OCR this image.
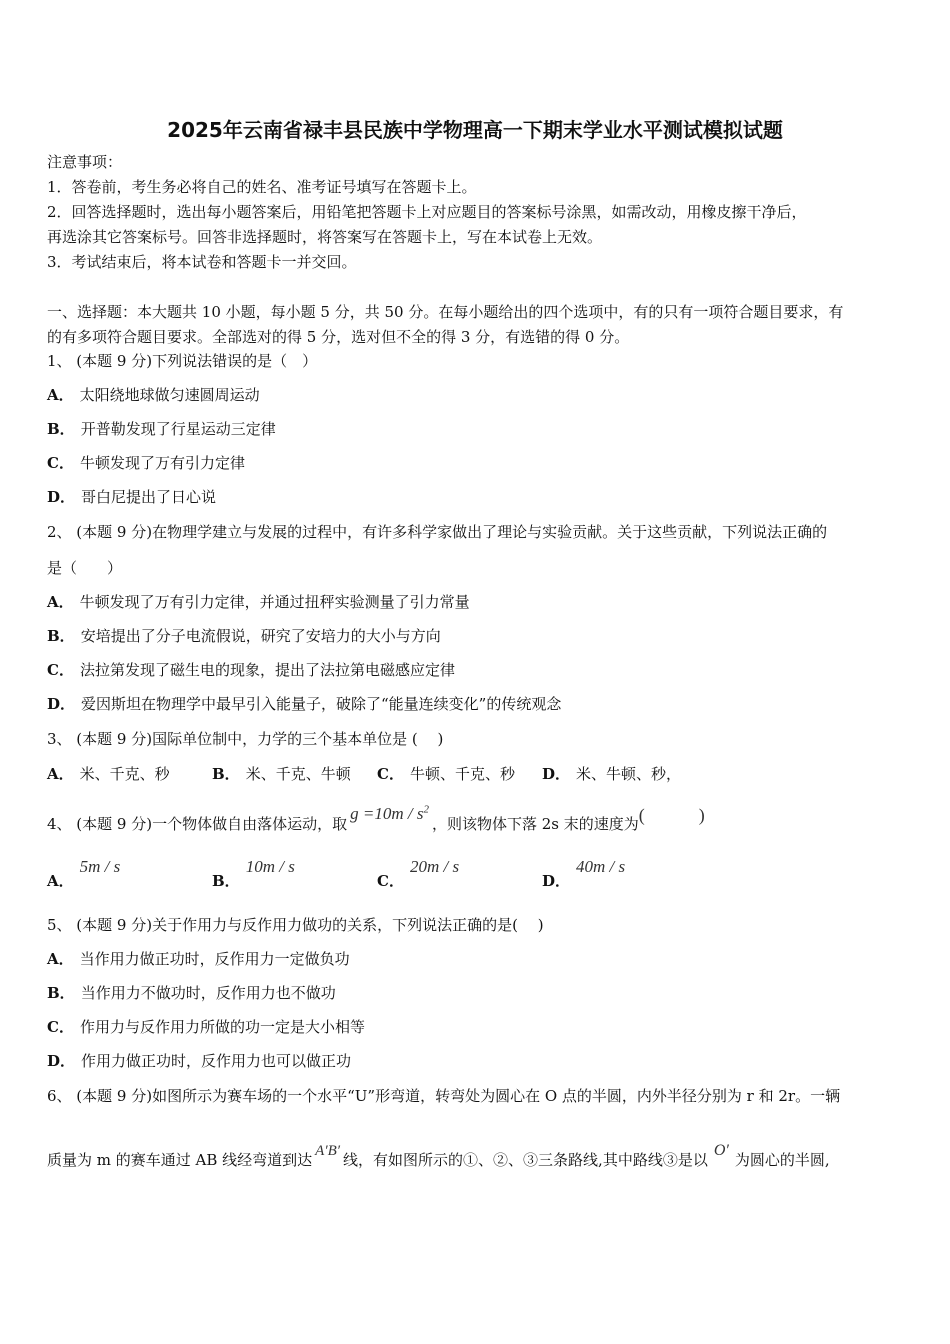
2025年云南省禄丰县民族中学物理高一下期末学业水平测试模拟试题
注意事项：
1．答卷前，考生务必将自己的姓名、准考证号填写在答题卡上。
2．回答选择题时，选出每小题答案后，用铅笔把答题卡上对应题目的答案标号涂黑，如需改动，用橡皮擦干净后，
再选涂其它答案标号。回答非选择题时，将答案写在答题卡上，写在本试卷上无效。
3．考试结束后，将本试卷和答题卡一并交回。
一、选择题：本大题共 10 小题，每小题 5 分，共 50 分。在每小题给出的四个选项中，有的只有一项符合题目要求，有
的有多项符合题目要求。全部选对的得 5 分，选对但不全的得 3 分，有选错的得 0 分。
1、 (本题 9 分)下列说法错误的是（　）
A． 太阳绕地球做匀速圆周运动
B． 开普勒发现了行星运动三定律
C． 牛顿发现了万有引力定律
D． 哥白尼提出了日心说
2、 (本题 9 分)在物理学建立与发展的过程中，有许多科学家做出了理论与实验贡献。关于这些贡献，下列说法正确的
是（　　）
A． 牛顿发现了万有引力定律，并通过扭秤实验测量了引力常量
B． 安培提出了分子电流假说，研究了安培力的大小与方向
C． 法拉第发现了磁生电的现象，提出了法拉第电磁感应定律
D． 爱因斯坦在物理学中最早引入能量子，破除了“能量连续变化”的传统观念
3、 (本题 9 分)国际单位制中，力学的三个基本单位是 (　 )
A． 米、千克、秒	B． 米、千克、牛顿 C． 牛顿、千克、秒 D． 米、牛顿、秒，
4、 (本题 9 分)一个物体做自由落体运动，取$g =10m / s^2$，则该物体下落 2s 末的速度为(　　　)
A．5m / s
B．10m / s
C．20m / s
D．40m / s
5、 (本题 9 分)关于作用力与反作用力做功的关系，下列说法正确的是(　 )
A． 当作用力做正功时，反作用力一定做负功
B． 当作用力不做功时，反作用力也不做功
C． 作用力与反作用力所做的功一定是大小相等
D． 作用力做正功时，反作用力也可以做正功
6、 (本题 9 分)如图所示为赛车场的一个水平“U”形弯道，转弯处为圆心在 O 点的半圆，内外半径分别为 r 和 2r。一辆
质量为 m 的赛车通过 AB 线经弯道到达 A′B′ 线，有如图所示的①、②、③三条路线,其中路线③是以O′为圆心的半圆,
